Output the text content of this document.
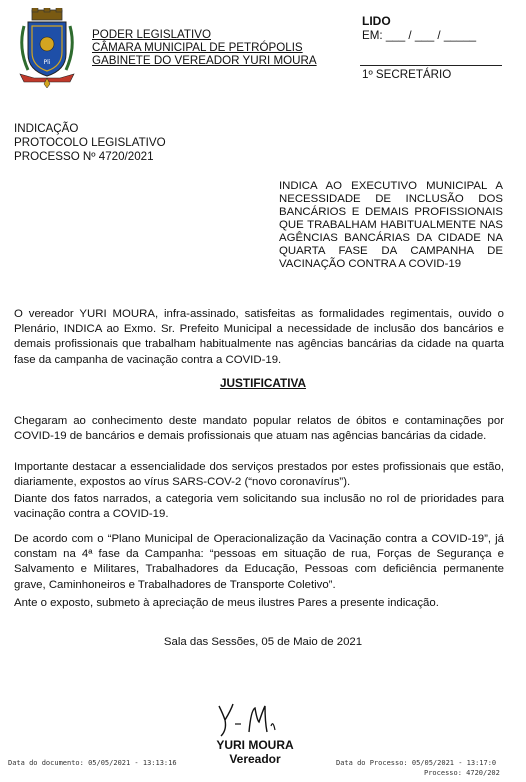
Pli
PODER LEGISLATIVO
CÂMARA MUNICIPAL DE PETRÓPOLIS
GABINETE DO VEREADOR YURI MOURA
LIDO
EM: ___ / ___ / _____
1º SECRETÁRIO
INDICAÇÃO
PROTOCOLO LEGISLATIVO
PROCESSO Nº 4720/2021
INDICA AO EXECUTIVO MUNICIPAL A NECESSIDADE DE INCLUSÃO DOS BANCÁRIOS E DEMAIS PROFISSIONAIS QUE TRABALHAM HABITUALMENTE NAS AGÊNCIAS BANCÁRIAS DA CIDADE NA QUARTA FASE DA CAMPANHA DE VACINAÇÃO CONTRA A COVID-19
O vereador YURI MOURA, infra-assinado, satisfeitas as formalidades regimentais, ouvido o Plenário, INDICA ao Exmo. Sr. Prefeito Municipal a necessidade de inclusão dos bancários e demais profissionais que trabalham habitualmente nas agências bancárias da cidade na quarta fase da campanha de vacinação contra a COVID-19.
JUSTIFICATIVA
Chegaram ao conhecimento deste mandato popular relatos de óbitos e contaminações por COVID-19 de bancários e demais profissionais que atuam nas agências bancárias da cidade.
Importante destacar a essencialidade dos serviços prestados por estes profissionais que estão, diariamente, expostos ao vírus SARS-COV-2 (“novo coronavírus”).
Diante dos fatos narrados, a categoria vem solicitando sua inclusão no rol de prioridades para vacinação contra a COVID-19.
De acordo com o “Plano Municipal de Operacionalização da Vacinação contra a COVID-19”, já constam na 4ª fase da Campanha: “pessoas em situação de rua, Forças de Segurança e Salvamento e Militares, Trabalhadores da Educação, Pessoas com deficiência permanente grave, Caminhoneiros e Trabalhadores de Transporte Coletivo”.
Ante o exposto, submeto à apreciação de meus ilustres Pares a presente indicação.
Sala das Sessões, 05 de Maio de 2021
YURI MOURA
Vereador
Data do documento: 05/05/2021 - 13:13:16	Data do Processo: 05/05/2021 - 13:17:0
Processo: 4720/202
